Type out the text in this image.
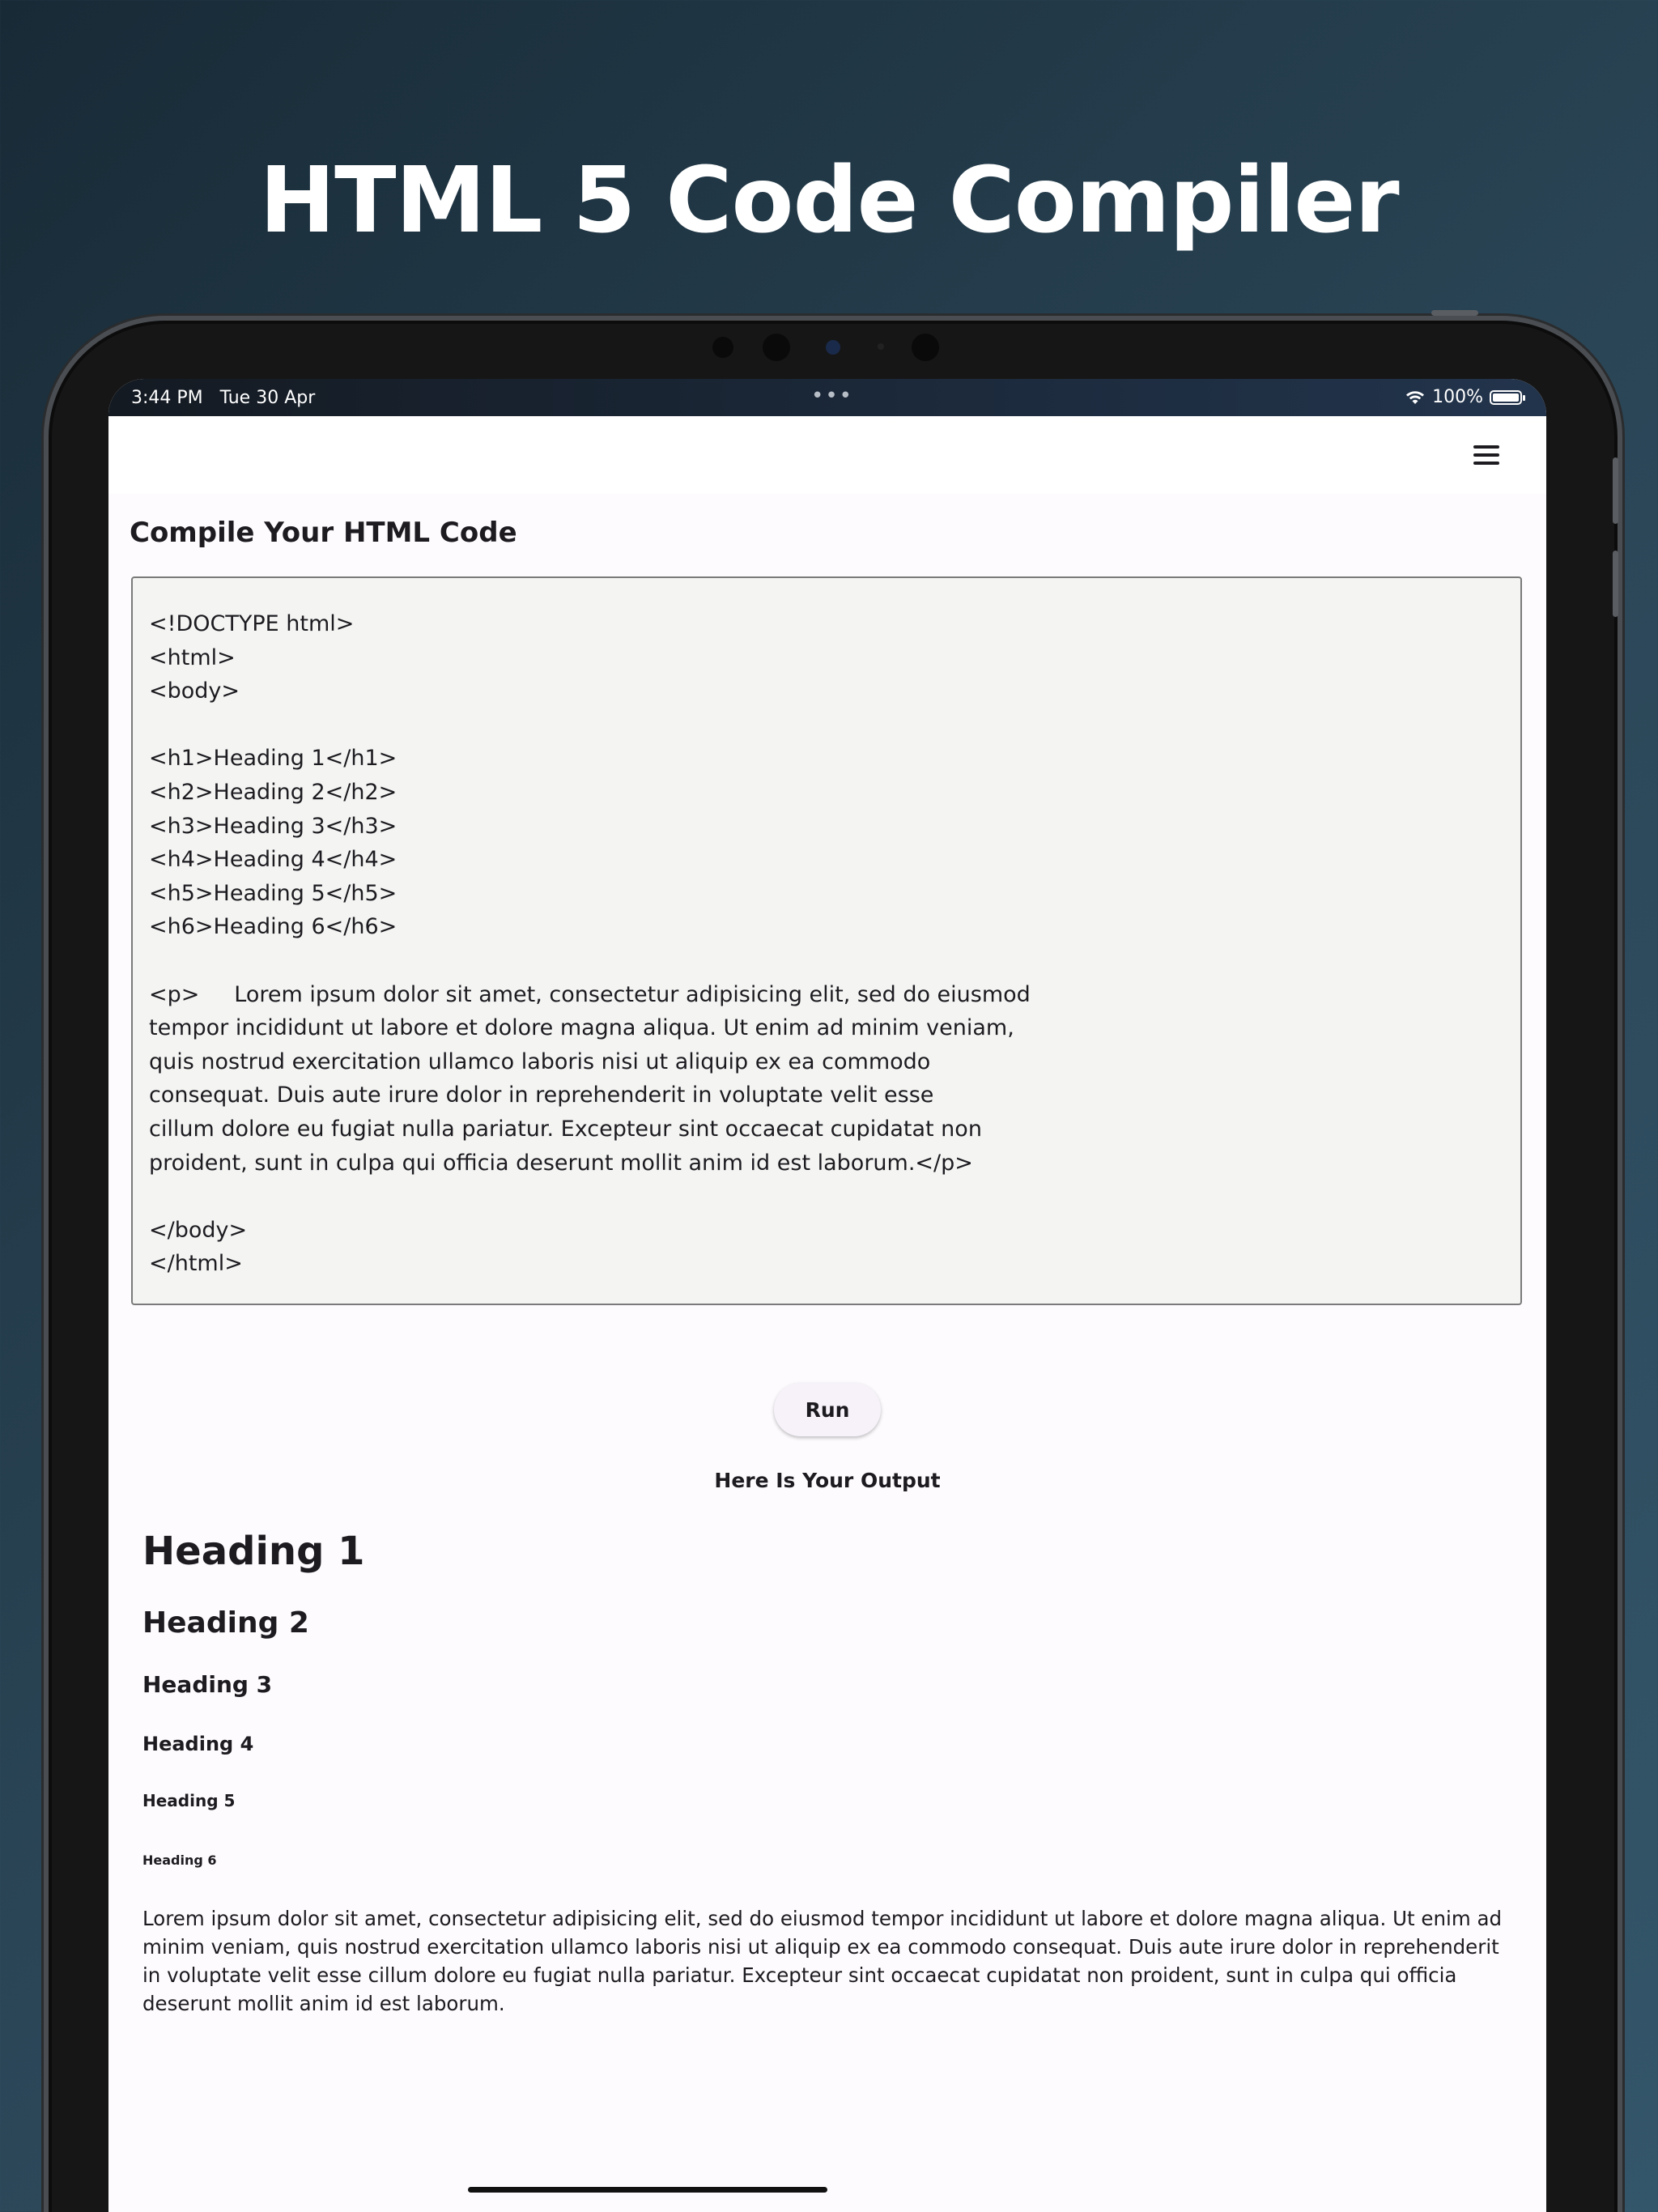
HTML 5 Code Compiler
3:44 PM Tue 30 Apr	•••	100%
Compile Your HTML Code
<!DOCTYPE html>
<html>
<body>

<h1>Heading 1</h1>
<h2>Heading 2</h2>
<h3>Heading 3</h3>
<h4>Heading 4</h4>
<h5>Heading 5</h5>
<h6>Heading 6</h6>

<p>     Lorem ipsum dolor sit amet, consectetur adipisicing elit, sed do eiusmod
tempor incididunt ut labore et dolore magna aliqua. Ut enim ad minim veniam,
quis nostrud exercitation ullamco laboris nisi ut aliquip ex ea commodo
consequat. Duis aute irure dolor in reprehenderit in voluptate velit esse
cillum dolore eu fugiat nulla pariatur. Excepteur sint occaecat cupidatat non
proident, sunt in culpa qui officia deserunt mollit anim id est laborum.</p>

</body>
</html>
Run
Here Is Your Output
Heading 1
Heading 2
Heading 3
Heading 4
Heading 5
Heading 6

Lorem ipsum dolor sit amet, consectetur adipisicing elit, sed do eiusmod tempor incididunt ut labore et dolore magna aliqua. Ut enim ad minim veniam, quis nostrud exercitation ullamco laboris nisi ut aliquip ex ea commodo consequat. Duis aute irure dolor in reprehenderit in voluptate velit esse cillum dolore eu fugiat nulla pariatur. Excepteur sint occaecat cupidatat non proident, sunt in culpa qui officia deserunt mollit anim id est laborum.
